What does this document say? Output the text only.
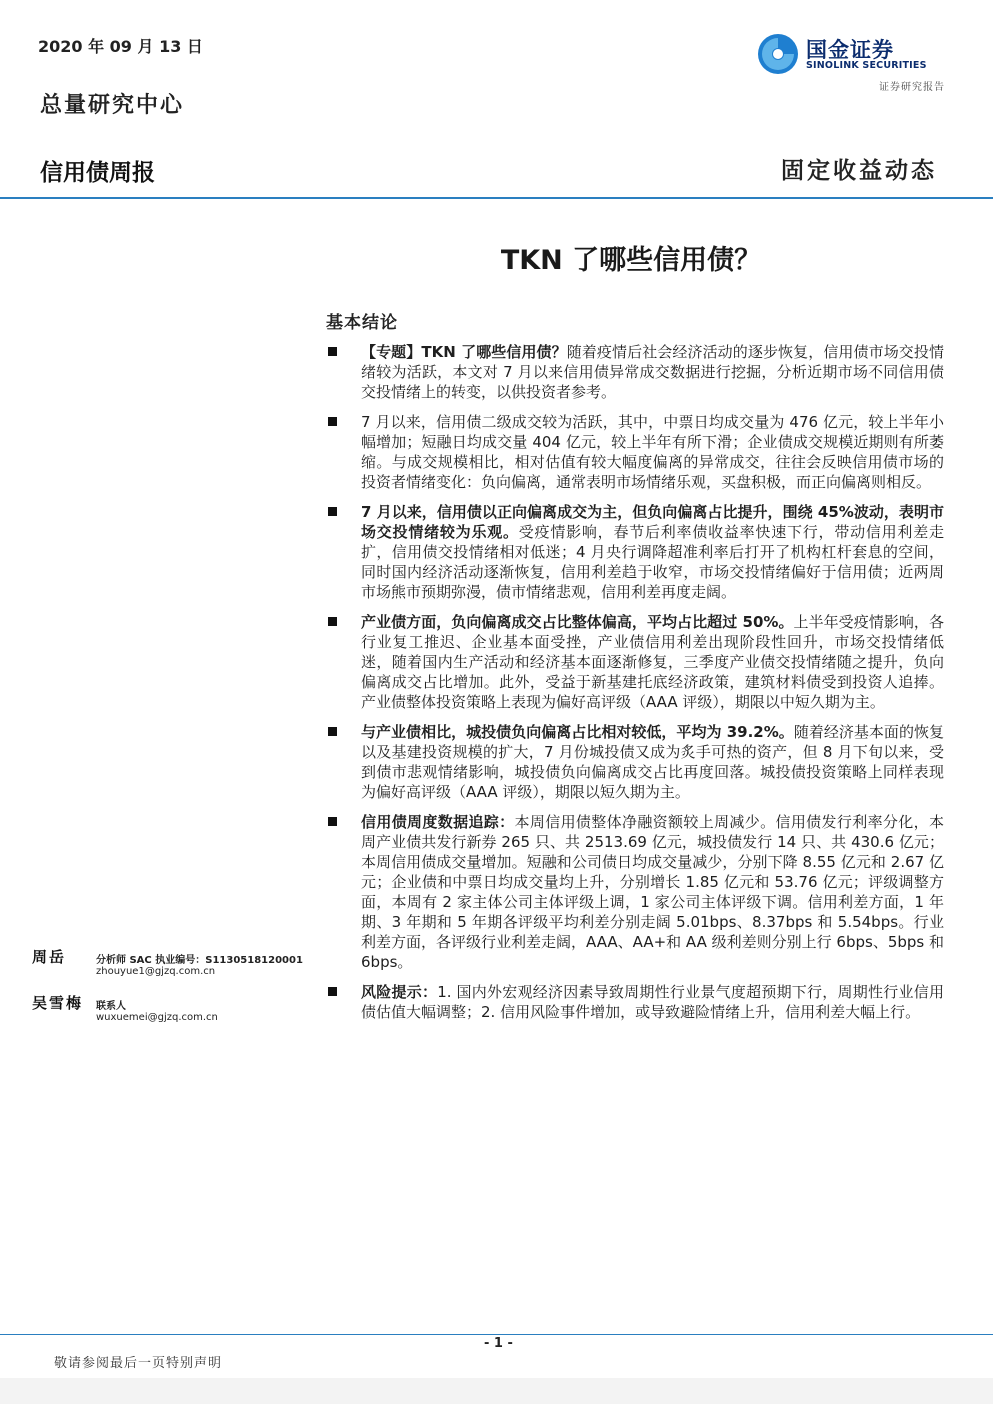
2020 年 09 月 13 日
总量研究中心
信用债周报	固定收益动态
国金证券
SINOLINK SECURITIES
证券研究报告
TKN 了哪些信用债？
基本结论
【专题】TKN 了哪些信用债？随着疫情后社会经济活动的逐步恢复，信用债市场交投情绪较为活跃，本文对 7 月以来信用债异常成交数据进行挖掘，分析近期市场不同信用债交投情绪上的转变，以供投资者参考。
7 月以来，信用债二级成交较为活跃，其中，中票日均成交量为 476 亿元，较上半年小幅增加；短融日均成交量 404 亿元，较上半年有所下滑；企业债成交规模近期则有所萎缩。与成交规模相比，相对估值有较大幅度偏离的异常成交，往往会反映信用债市场的投资者情绪变化：负向偏离，通常表明市场情绪乐观，买盘积极，而正向偏离则相反。
7 月以来，信用债以正向偏离成交为主，但负向偏离占比提升，围绕 45%波动，表明市场交投情绪较为乐观。受疫情影响，春节后利率债收益率快速下行，带动信用利差走扩，信用债交投情绪相对低迷；4 月央行调降超准利率后打开了机构杠杆套息的空间，同时国内经济活动逐渐恢复，信用利差趋于收窄，市场交投情绪偏好于信用债；近两周市场熊市预期弥漫，债市情绪悲观，信用利差再度走阔。
产业债方面，负向偏离成交占比整体偏高，平均占比超过 50%。上半年受疫情影响，各行业复工推迟、企业基本面受挫，产业债信用利差出现阶段性回升，市场交投情绪低迷，随着国内生产活动和经济基本面逐渐修复，三季度产业债交投情绪随之提升，负向偏离成交占比增加。此外，受益于新基建托底经济政策，建筑材料债受到投资人追捧。产业债整体投资策略上表现为偏好高评级（AAA 评级），期限以中短久期为主。
与产业债相比，城投债负向偏离占比相对较低，平均为 39.2%。随着经济基本面的恢复以及基建投资规模的扩大，7 月份城投债又成为炙手可热的资产，但 8 月下旬以来，受到债市悲观情绪影响，城投债负向偏离成交占比再度回落。城投债投资策略上同样表现为偏好高评级（AAA 评级），期限以短久期为主。
信用债周度数据追踪：本周信用债整体净融资额较上周减少。信用债发行利率分化，本周产业债共发行新券 265 只、共 2513.69 亿元，城投债发行 14 只、共 430.6 亿元；本周信用债成交量增加。短融和公司债日均成交量减少，分别下降 8.55 亿元和 2.67 亿元；企业债和中票日均成交量均上升，分别增长 1.85 亿元和 53.76 亿元；评级调整方面，本周有 2 家主体公司主体评级上调，1 家公司主体评级下调。信用利差方面，1 年期、3 年期和 5 年期各评级平均利差分别走阔 5.01bps、8.37bps 和 5.54bps。行业利差方面，各评级行业利差走阔，AAA、AA+和 AA 级利差则分别上行 6bps、5bps 和 6bps。
风险提示：1. 国内外宏观经济因素导致周期性行业景气度超预期下行，周期性行业信用债估值大幅调整；2. 信用风险事件增加，或导致避险情绪上升，信用利差大幅上行。
周岳	分析师 SAC 执业编号：S1130518120001
zhouyue1@gjzq.com.cn
吴雪梅 联系人
wuxuemei@gjzq.com.cn
- 1 -
敬请参阅最后一页特别声明
